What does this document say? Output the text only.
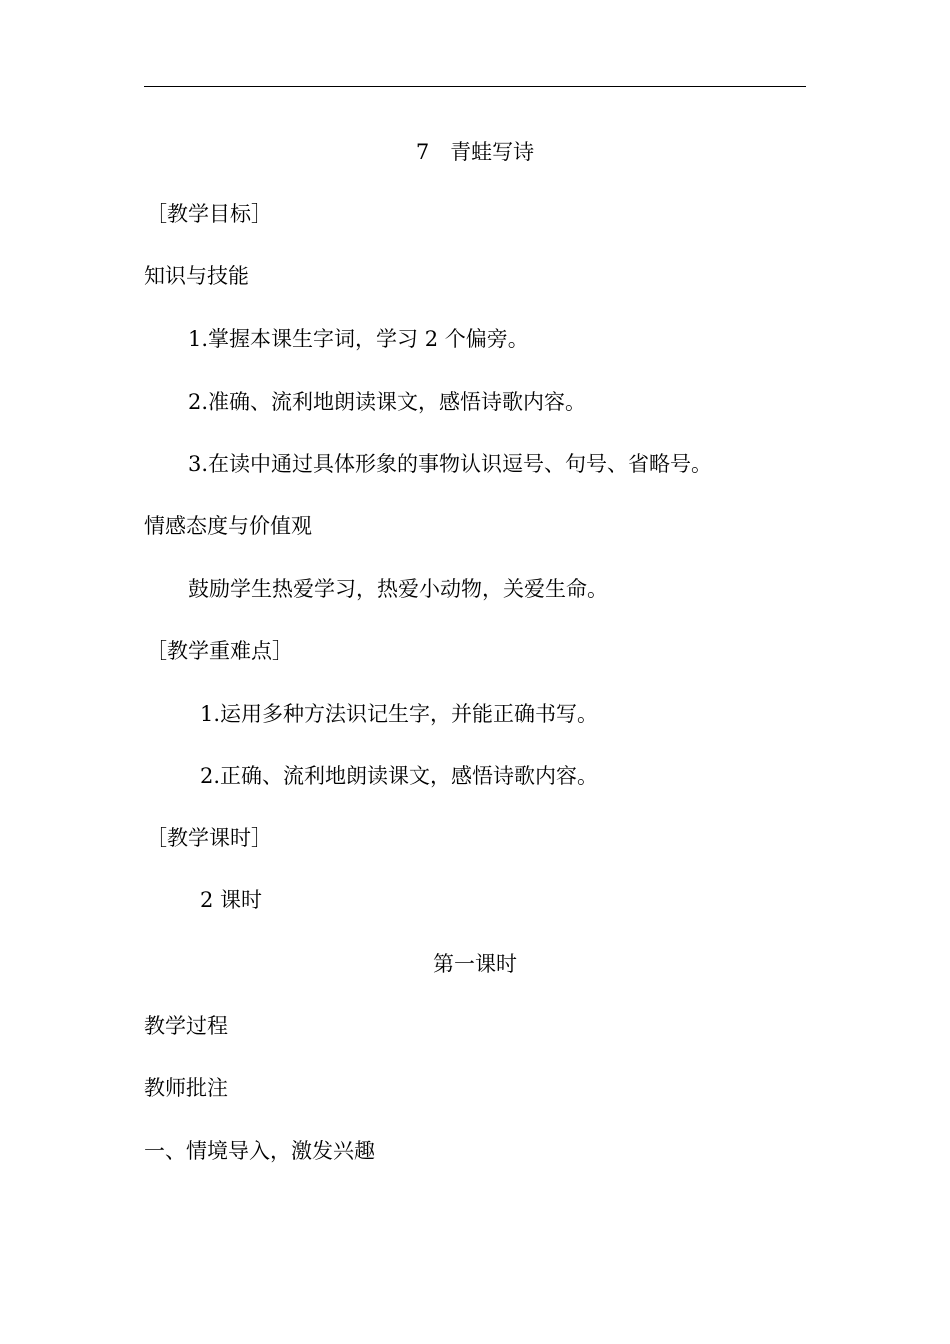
7　青蛙写诗
［教学目标］
知识与技能
1.掌握本课生字词，学习 2 个偏旁。
2.准确、流利地朗读课文，感悟诗歌内容。
3.在读中通过具体形象的事物认识逗号、句号、省略号。
情感态度与价值观
鼓励学生热爱学习，热爱小动物，关爱生命。
［教学重难点］
1.运用多种方法识记生字，并能正确书写。
2.正确、流利地朗读课文，感悟诗歌内容。
［教学课时］
2 课时
第一课时
教学过程
教师批注
一、情境导入，激发兴趣
